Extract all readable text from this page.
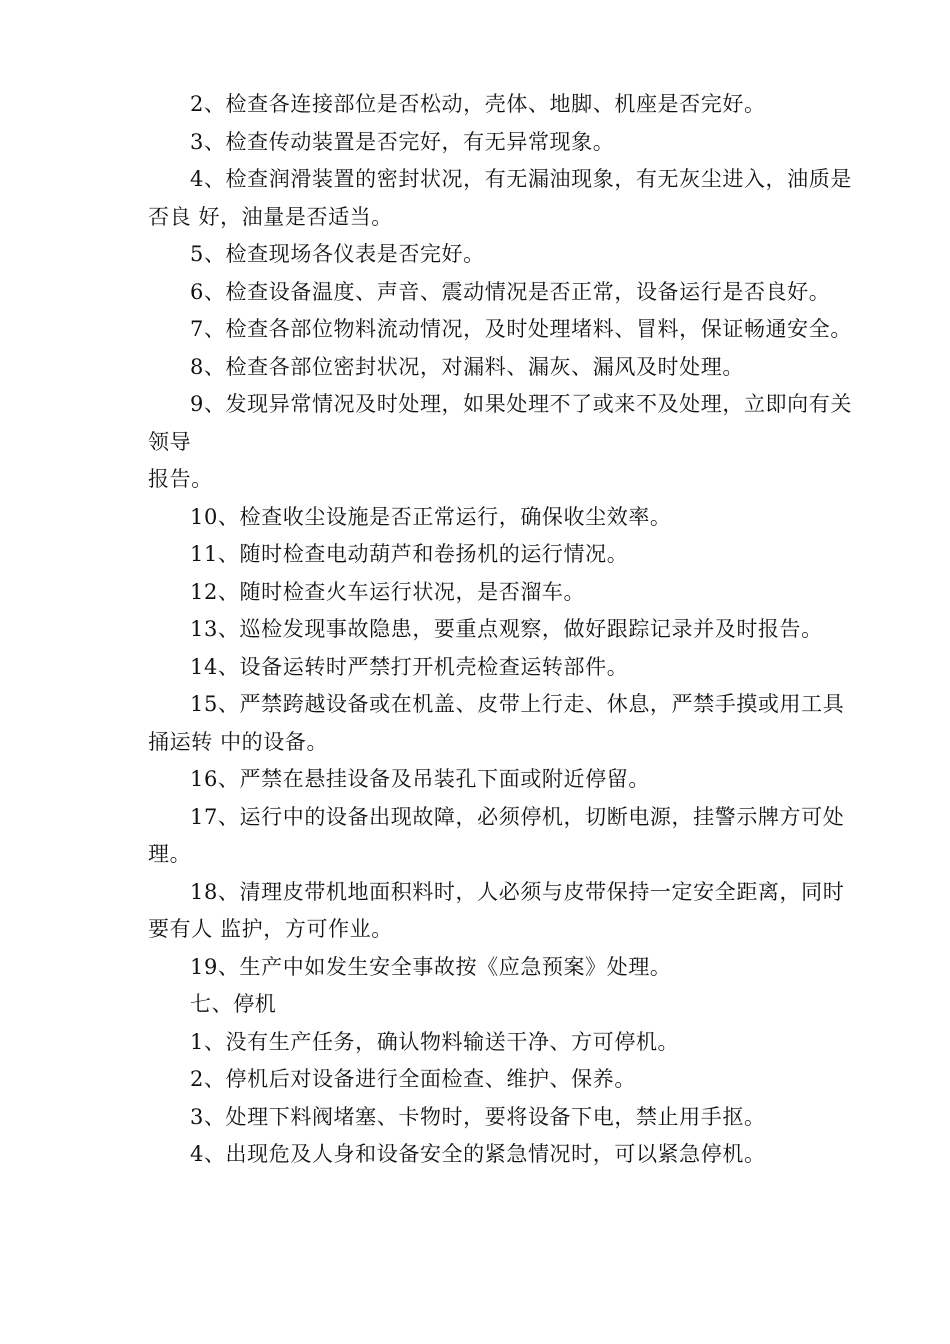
2、检查各连接部位是否松动，壳体、地脚、机座是否完好。

3、检查传动装置是否完好，有无异常现象。

4、检查润滑装置的密封状况，有无漏油现象，有无灰尘进入，油质是否良 好，油量是否适当。

5、检查现场各仪表是否完好。

6、检查设备温度、声音、震动情况是否正常，设备运行是否良好。

7、检查各部位物料流动情况，及时处理堵料、冒料，保证畅通安全。

8、检查各部位密封状况，对漏料、漏灰、漏风及时处理。

9、发现异常情况及时处理，如果处理不了或来不及处理，立即向有关领导

报告。

10、检查收尘设施是否正常运行，确保收尘效率。

11、随时检查电动葫芦和卷扬机的运行情况。

12、随时检查火车运行状况，是否溜车。

13、巡检发现事故隐患，要重点观察，做好跟踪记录并及时报告。

14、设备运转时严禁打开机壳检查运转部件。

15、严禁跨越设备或在机盖、皮带上行走、休息，严禁手摸或用工具捅运转 中的设备。

16、严禁在悬挂设备及吊装孔下面或附近停留。

17、运行中的设备出现故障，必须停机，切断电源，挂警示牌方可处理。

18、清理皮带机地面积料时，人必须与皮带保持一定安全距离，同时要有人 监护，方可作业。

19、生产中如发生安全事故按《应急预案》处理。

七、停机

1、没有生产任务，确认物料输送干净、方可停机。

2、停机后对设备进行全面检查、维护、保养。

3、处理下料阀堵塞、卡物时，要将设备下电，禁止用手抠。

4、出现危及人身和设备安全的紧急情况时，可以紧急停机。
